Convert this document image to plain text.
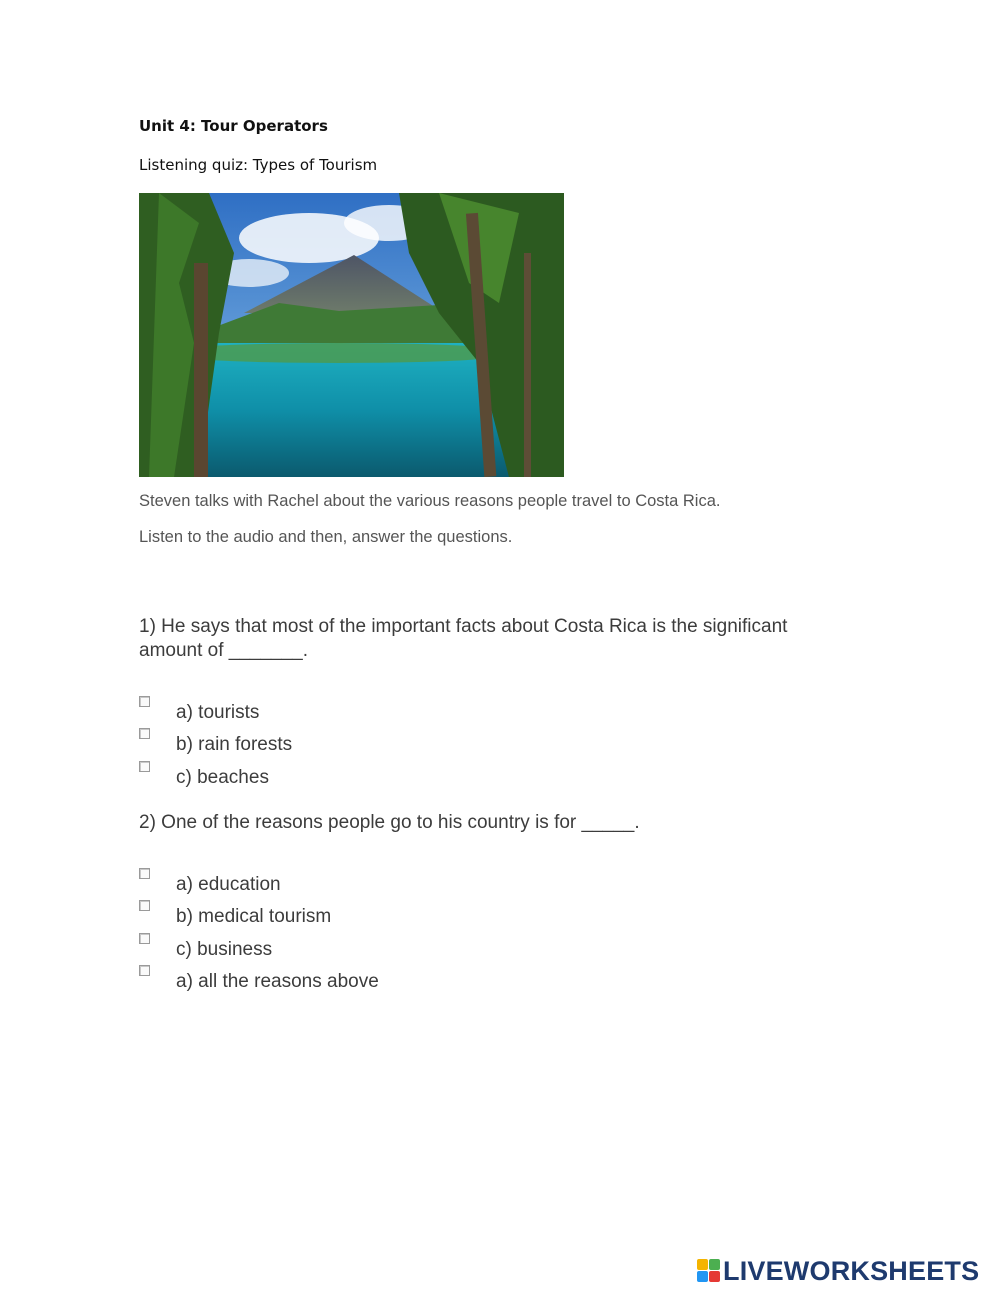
Unit 4: Tour Operators
Listening quiz: Types of Tourism
Steven talks with Rachel about the various reasons people travel to Costa Rica.
Listen to the audio and then, answer the questions.
1) He says that most of the important facts about Costa Rica is the significant amount of _______.
a) tourists
b) rain forests
c) beaches
2) One of the reasons people go to his country is for _____.
a) education
b) medical tourism
c) business
a) all the reasons above
LIVEWORKSHEETS
